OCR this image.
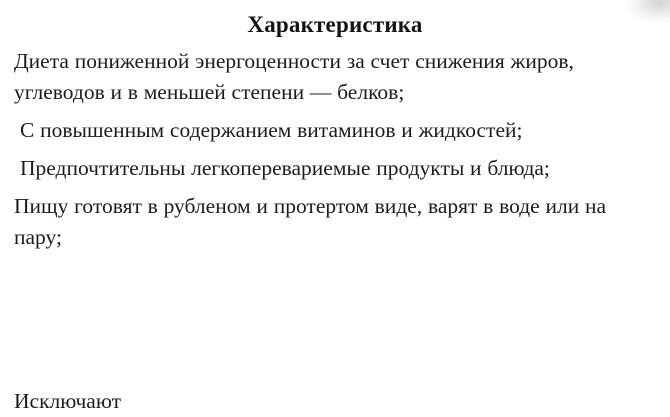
Характеристика

Диета пониженной энергоценности за счет снижения жиров, углеводов и в меньшей степени — белков;

С повышенным содержанием витаминов и жидкостей;

Предпочтительны легкоперевариемые продукты и блюда;

Пищу готовят в рубленом и протертом виде, варят в воде или на пару;

Исключают
